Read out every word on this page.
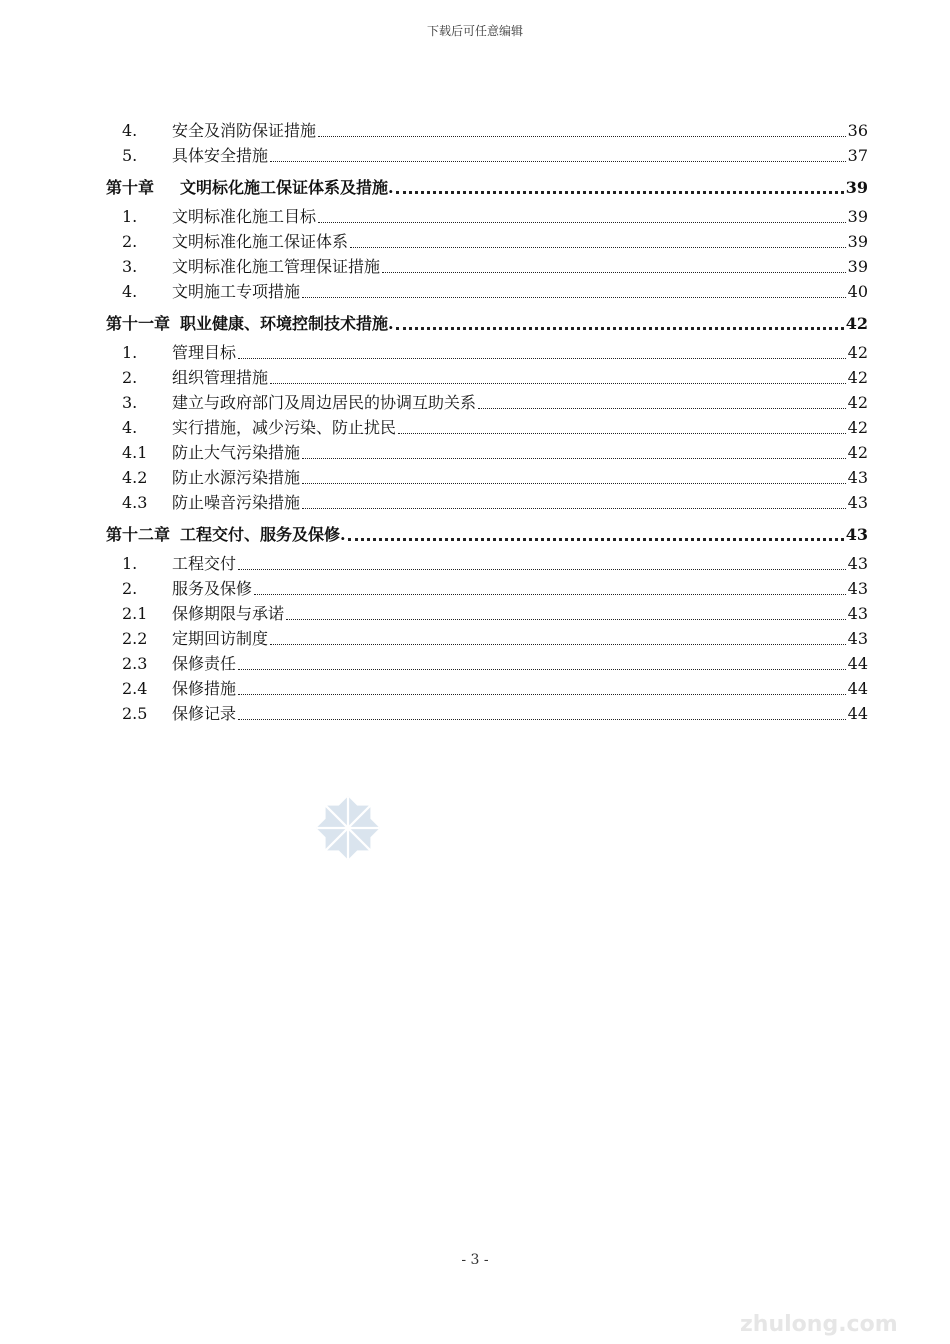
下载后可任意编辑
4.	安全及消防保证措施	36
5.	具体安全措施	37
第十章	文明标化施工保证体系及措施.	39
1.	文明标准化施工目标	39
2.	文明标准化施工保证体系	39
3.	文明标准化施工管理保证措施	39
4.	文明施工专项措施	40
第十一章 职业健康、环境控制技术措施.	42
1.	管理目标	42
2.	组织管理措施	42
3.	建立与政府部门及周边居民的协调互助关系	42
4.	实行措施，减少污染、防止扰民	42
4.1	防止大气污染措施	42
4.2	防止水源污染措施	43
4.3	防止噪音污染措施	43
第十二章 工程交付、服务及保修.	43
1.	工程交付	43
2.	服务及保修	43
2.1	保修期限与承诺	43
2.2	定期回访制度	43
2.3	保修责任	44
2.4	保修措施	44
2.5	保修记录	44
- 3 -
zhulong.com
